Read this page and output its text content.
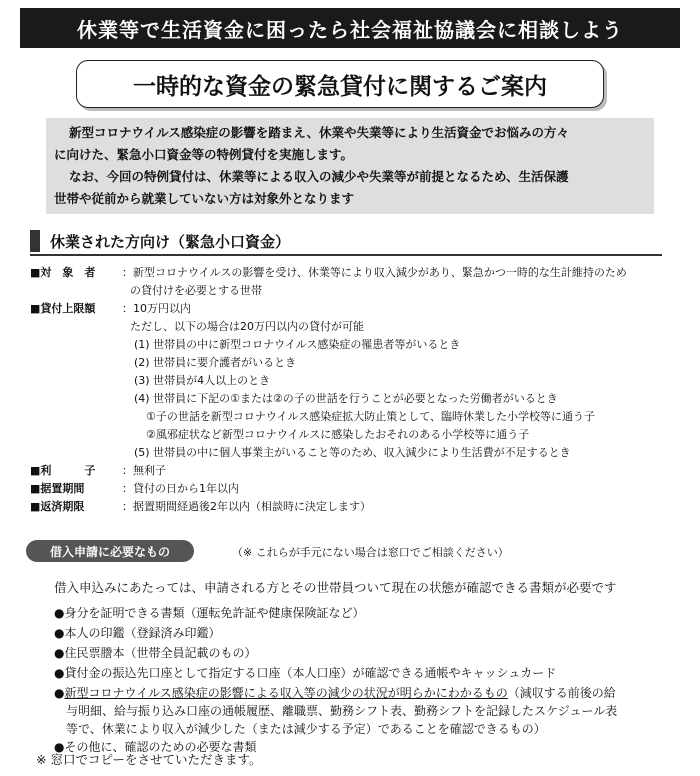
休業等で生活資金に困ったら社会福祉協議会に相談しよう
一時的な資金の緊急貸付に関するご案内

新型コロナウイルス感染症の影響を踏まえ、休業や失業等により生活資金でお悩みの方々

に向けた、緊急小口資金等の特例貸付を実施します。

なお、今回の特例貸付は、休業等による収入の減少や失業等が前提となるため、生活保護

世帯や従前から就業していない方は対象外となります
休業された方向け（緊急小口資金）
■対　象　者	：新型コロナウイルスの影響を受け、休業等により収入減少があり、緊急かつ一時的な生計維持のため
の貸付けを必要とする世帯
■貸付上限額	：10万円以内
ただし、以下の場合は20万円以内の貸付が可能
(1) 世帯員の中に新型コロナウイルス感染症の罹患者等がいるとき
(2) 世帯員に要介護者がいるとき
(3) 世帯員が4人以上のとき
(4) 世帯員に下記の①または②の子の世話を行うことが必要となった労働者がいるとき
①子の世話を新型コロナウイルス感染症拡大防止策として、臨時休業した小学校等に通う子
②風邪症状など新型コロナウイルスに感染したおそれのある小学校等に通う子
(5) 世帯員の中に個人事業主がいること等のため、収入減少により生活費が不足するとき
■利　　　子	：無利子
■据置期間	：貸付の日から1年以内
■返済期限	：据置期間経過後2年以内（相談時に決定します）
借入申請に必要なもの	（※ これらが手元にない場合は窓口でご相談ください）
借入申込みにあたっては、申請される方とその世帯員ついて現在の状態が確認できる書類が必要です
●身分を証明できる書類（運転免許証や健康保険証など）
●本人の印鑑（登録済み印鑑）
●住民票謄本（世帯全員記載のもの）
●貸付金の振込先口座として指定する口座（本人口座）が確認できる通帳やキャッシュカード
●新型コロナウイルス感染症の影響による収入等の減少の状況が明らかにわかるもの（減収する前後の給
与明細、給与振り込み口座の通帳履歴、離職票、勤務シフト表、勤務シフトを記録したスケジュール表
等で、休業により収入が減少した（または減少する予定）であることを確認できるもの）
●その他に、確認のための必要な書類
※ 窓口でコピーをさせていただきます。
